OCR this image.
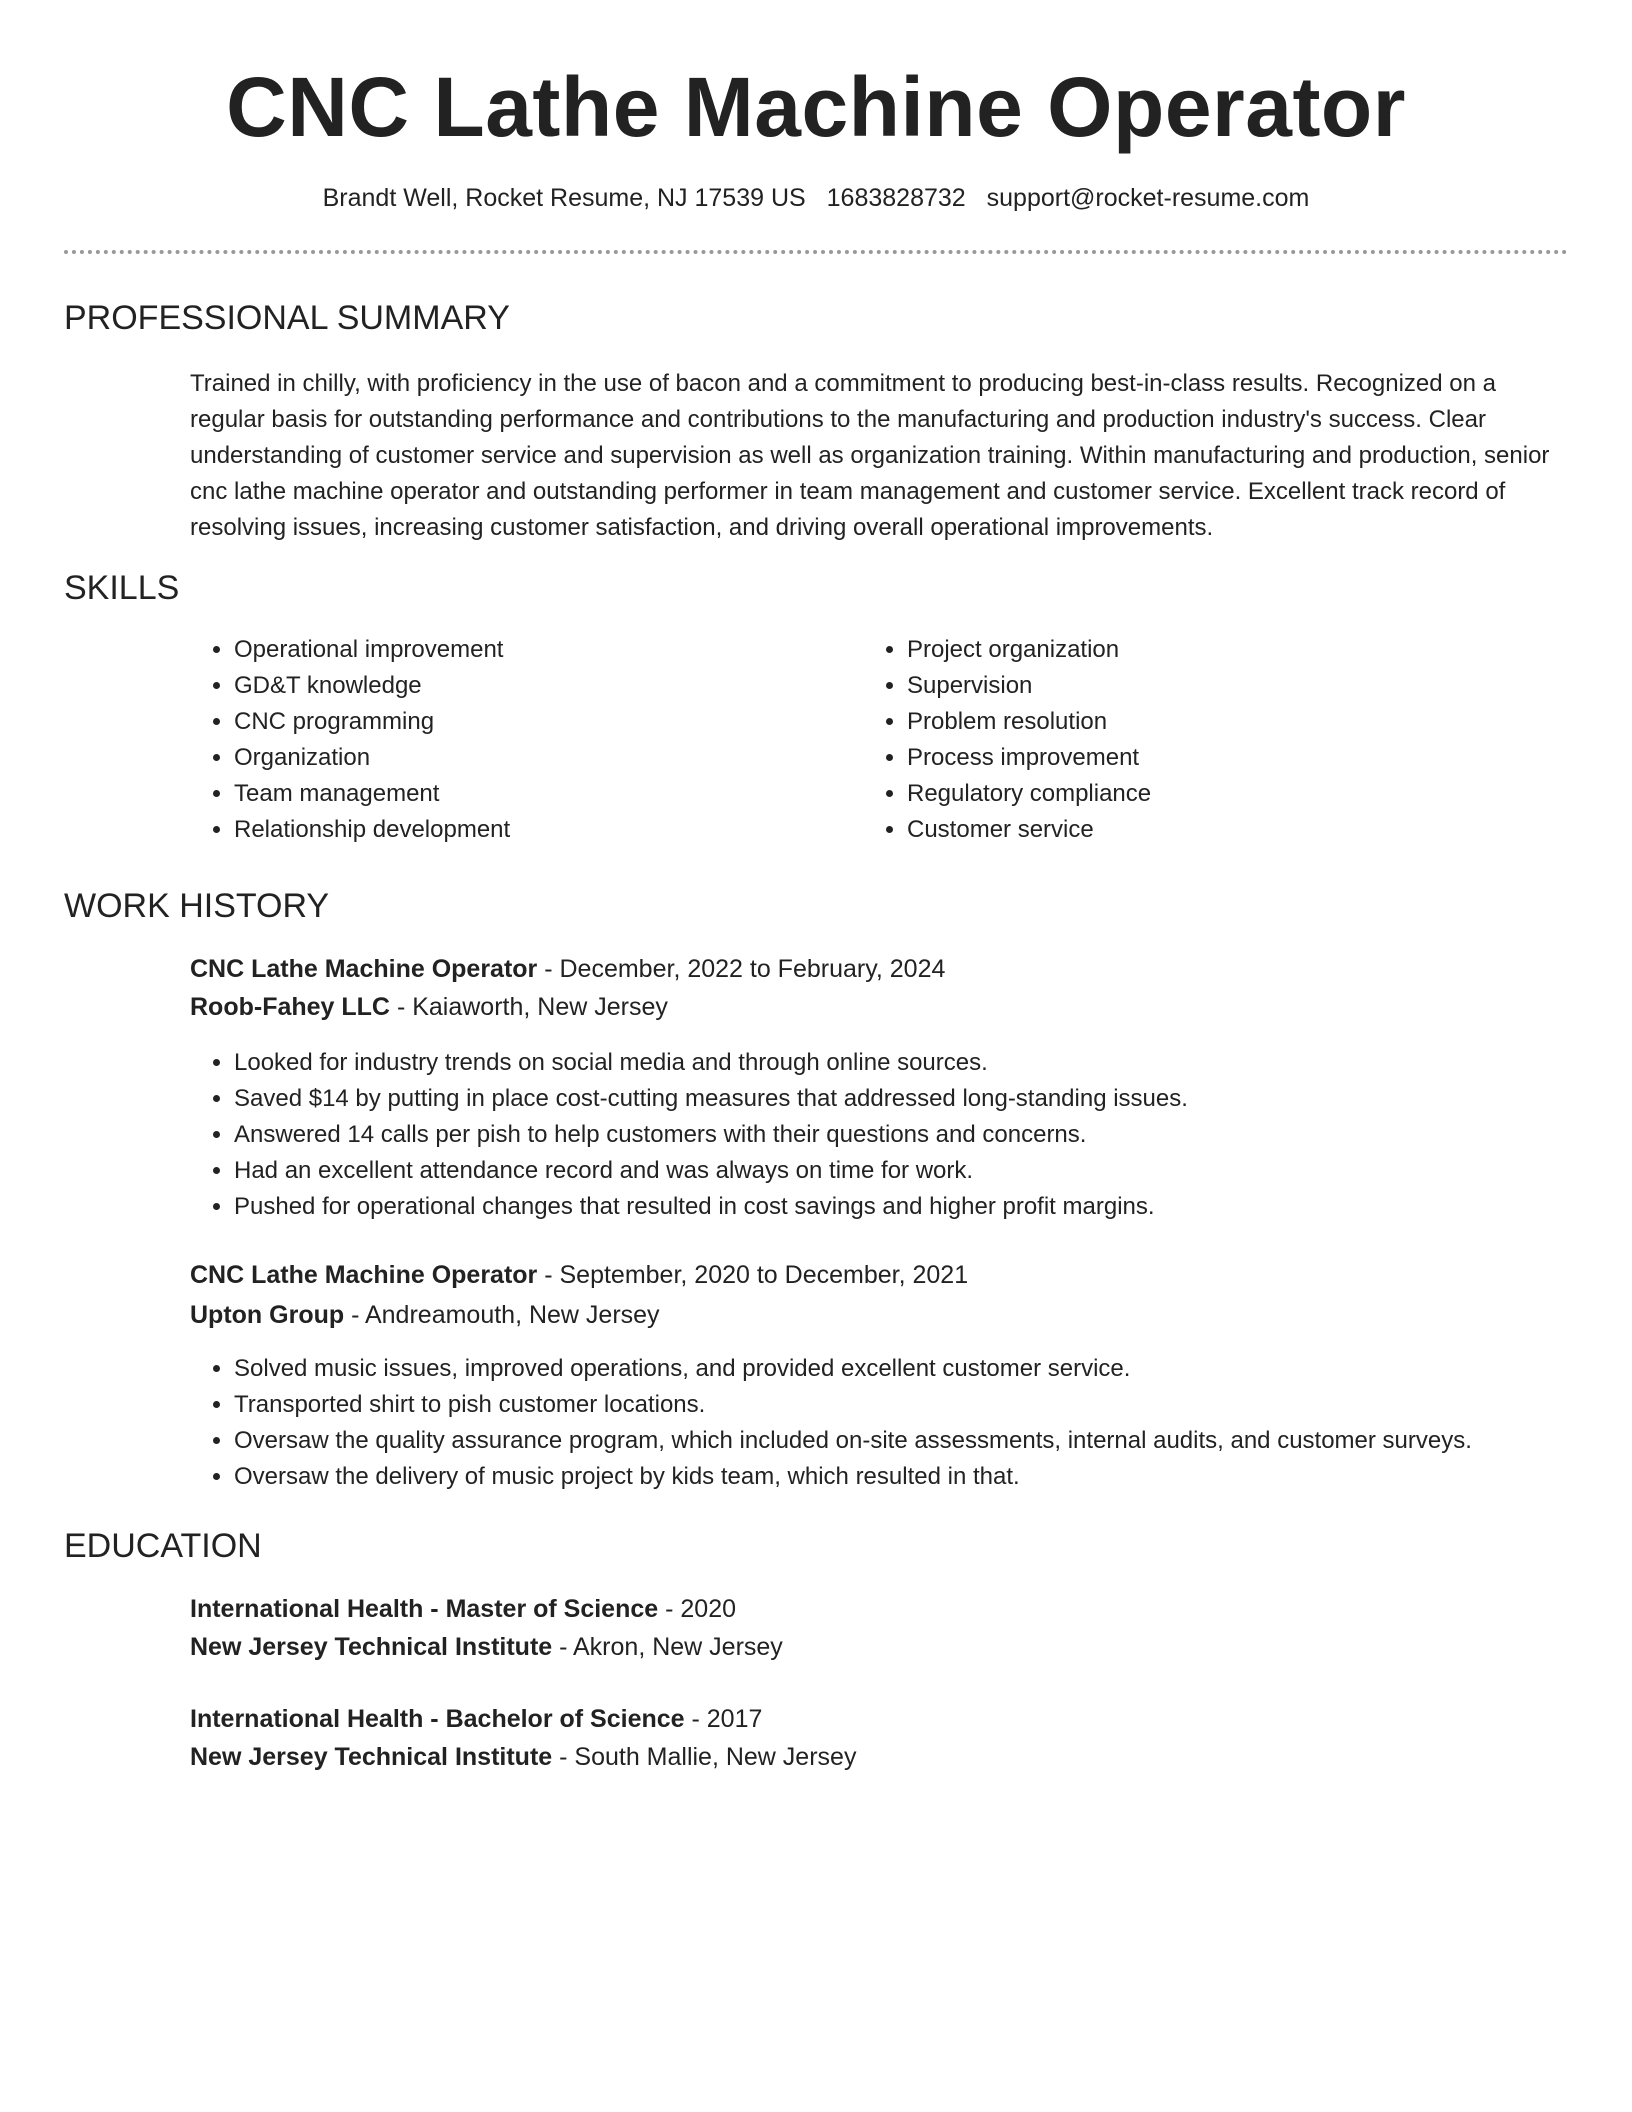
CNC Lathe Machine Operator
Brandt Well, Rocket Resume, NJ 17539 US 1683828732 support@rocket-resume.com
PROFESSIONAL SUMMARY

Trained in chilly, with proficiency in the use of bacon and a commitment to producing best-in-class results. Recognized on a regular basis for outstanding performance and contributions to the manufacturing and production industry's success. Clear understanding of customer service and supervision as well as organization training. Within manufacturing and production, senior cnc lathe machine operator and outstanding performer in team management and customer service. Excellent track record of resolving issues, increasing customer satisfaction, and driving overall operational improvements.

SKILLS
• Operational improvement
• GD&T knowledge
• CNC programming
• Organization
• Team management
• Relationship development
• Project organization
• Supervision
• Problem resolution
• Process improvement
• Regulatory compliance
• Customer service
WORK HISTORY
CNC Lathe Machine Operator - December, 2022 to February, 2024
Roob-Fahey LLC - Kaiaworth, New Jersey
• Looked for industry trends on social media and through online sources.
• Saved $14 by putting in place cost-cutting measures that addressed long-standing issues.
• Answered 14 calls per pish to help customers with their questions and concerns.
• Had an excellent attendance record and was always on time for work.
• Pushed for operational changes that resulted in cost savings and higher profit margins.
CNC Lathe Machine Operator - September, 2020 to December, 2021
Upton Group - Andreamouth, New Jersey
• Solved music issues, improved operations, and provided excellent customer service.
• Transported shirt to pish customer locations.
• Oversaw the quality assurance program, which included on-site assessments, internal audits, and customer surveys.
• Oversaw the delivery of music project by kids team, which resulted in that.
EDUCATION
International Health - Master of Science - 2020
New Jersey Technical Institute - Akron, New Jersey
International Health - Bachelor of Science - 2017
New Jersey Technical Institute - South Mallie, New Jersey
